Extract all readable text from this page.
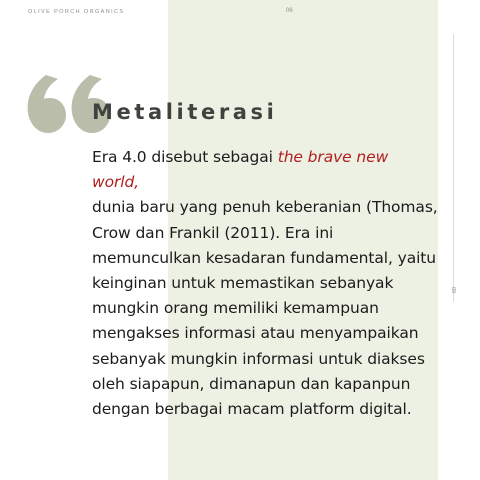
OLIVE PORCH ORGANICS	06
09
Metaliterasi
Era 4.0 disebut sebagai the brave new world,
dunia baru yang penuh keberanian (Thomas,
Crow dan Frankil (2011). Era ini
memunculkan kesadaran fundamental, yaitu
keinginan untuk memastikan sebanyak
mungkin orang memiliki kemampuan
mengakses informasi atau menyampaikan
sebanyak mungkin informasi untuk diakses
oleh siapapun, dimanapun dan kapanpun
dengan berbagai macam platform digital.
